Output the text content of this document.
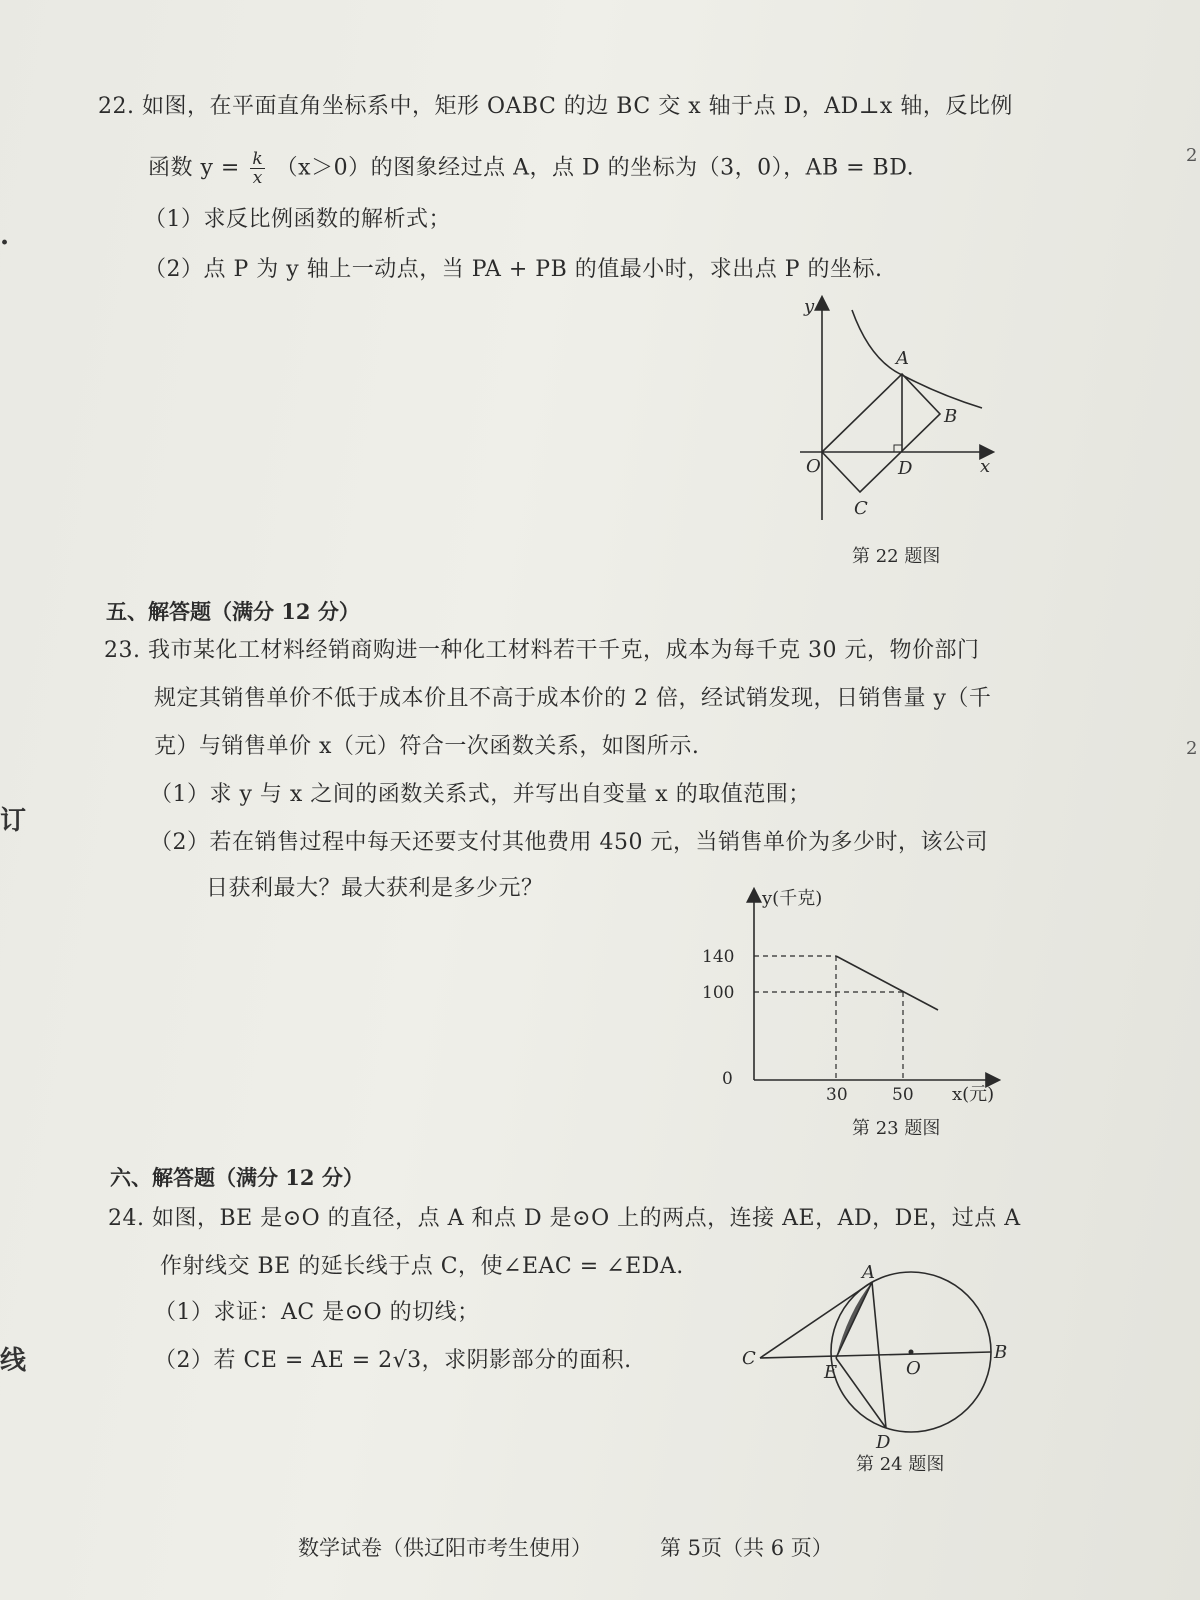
·
订
线
2
2
22. 如图，在平面直角坐标系中，矩形 OABC 的边 BC 交 x 轴于点 D，AD⊥x 轴，反比例
函数 $y = \frac{k}{x} (x>0)$的图象经过点 A，点 D 的坐标为（3，0），AB = BD.
（1）求反比例函数的解析式；
（2）点 P 为 y 轴上一动点，当 PA + PB 的值最小时，求出点 P 的坐标.
y
x
O
A
B
C
D
第 22 题图
五、解答题（满分 12 分）
23. 我市某化工材料经销商购进一种化工材料若干千克，成本为每千克 30 元，物价部门
规定其销售单价不低于成本价且不高于成本价的 2 倍，经试销发现，日销售量 y（千
克）与销售单价 x（元）符合一次函数关系，如图所示.
（1）求 y 与 x 之间的函数关系式，并写出自变量 x 的取值范围；
（2）若在销售过程中每天还要支付其他费用 450 元，当销售单价为多少时，该公司
日获利最大？最大获利是多少元？	y(千克)
x(元)
0
140
100
30	50
第 23 题图
六、解答题（满分 12 分）
24. 如图，BE 是⊙O 的直径，点 A 和点 D 是⊙O 上的两点，连接 AE，AD，DE，过点 A
作射线交 BE 的延长线于点 C，使∠EAC = ∠EDA.
（1）求证：AC 是⊙O 的切线；
（2）若 CE = AE = 2√3，求阴影部分的面积.
A
B
C
D
E	O
第 24 题图
数学试卷（供辽阳市考生使用）	第 5页（共 6 页）
